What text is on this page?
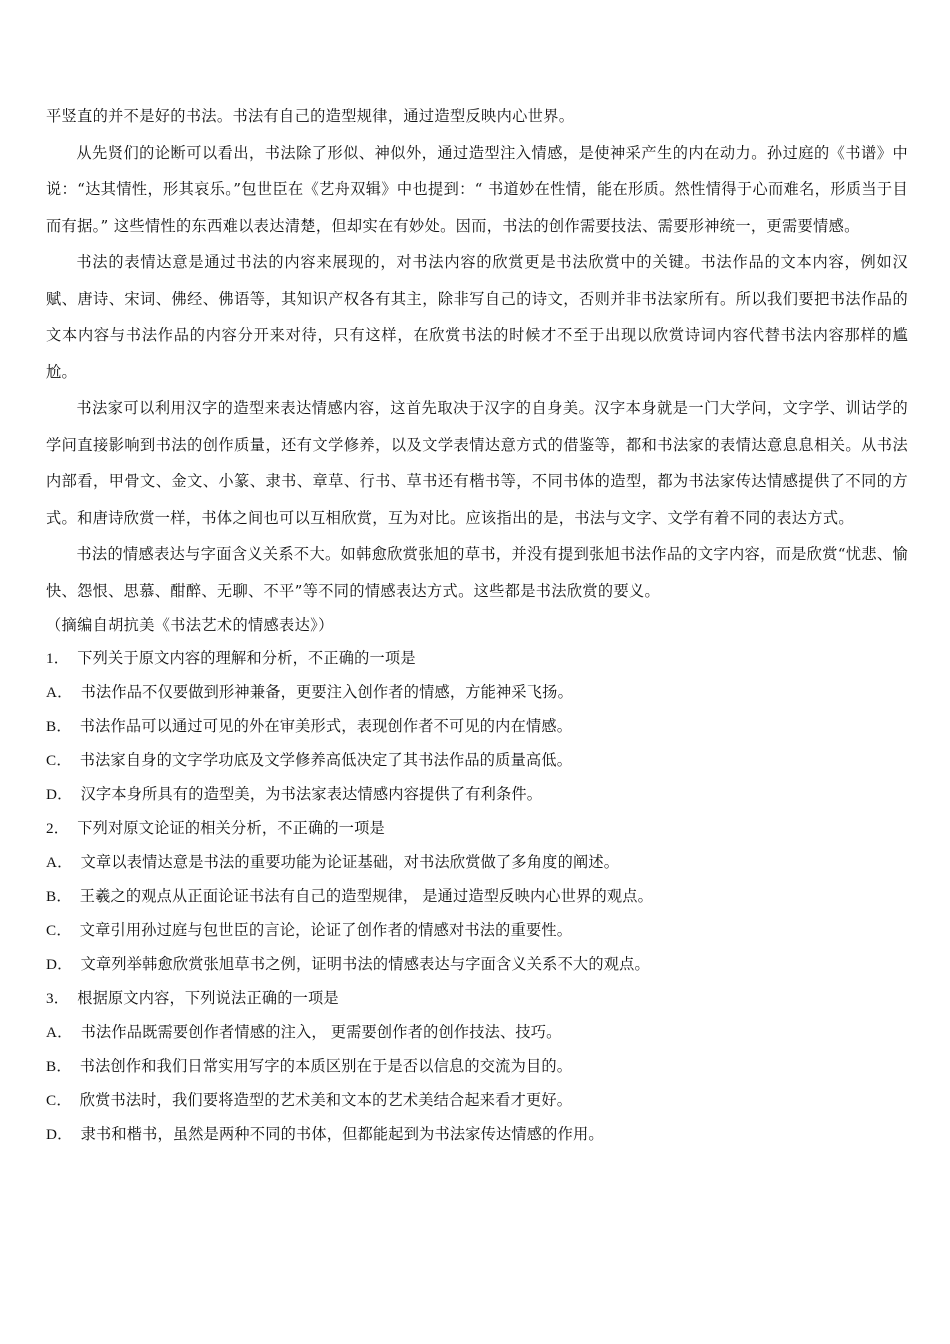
平竖直的并不是好的书法。书法有自己的造型规律，通过造型反映内心世界。

从先贤们的论断可以看出，书法除了形似、神似外，通过造型注入情感，是使神采产生的内在动力。孙过庭的《书谱》中说：“达其情性，形其哀乐。”包世臣在《艺舟双辑》中也提到：“ 书道妙在性情，能在形质。然性情得于心而难名，形质当于目而有据。” 这些情性的东西难以表达清楚，但却实在有妙处。因而，书法的创作需要技法、需要形神统一，更需要情感。

书法的表情达意是通过书法的内容来展现的，对书法内容的欣赏更是书法欣赏中的关键。书法作品的文本内容，例如汉赋、唐诗、宋词、佛经、佛语等，其知识产权各有其主，除非写自己的诗文，否则并非书法家所有。所以我们要把书法作品的文本内容与书法作品的内容分开来对待，只有这样，在欣赏书法的时候才不至于出现以欣赏诗词内容代替书法内容那样的尴尬。

书法家可以利用汉字的造型来表达情感内容，这首先取决于汉字的自身美。汉字本身就是一门大学问，文字学、训诂学的学问直接影响到书法的创作质量，还有文学修养，以及文学表情达意方式的借鉴等，都和书法家的表情达意息息相关。从书法内部看，甲骨文、金文、小篆、隶书、章草、行书、草书还有楷书等，不同书体的造型，都为书法家传达情感提供了不同的方式。和唐诗欣赏一样，书体之间也可以互相欣赏，互为对比。应该指出的是，书法与文字、文学有着不同的表达方式。

书法的情感表达与字面含义关系不大。如韩愈欣赏张旭的草书，并没有提到张旭书法作品的文字内容，而是欣赏“忧悲、愉快、怨恨、思慕、酣醉、无聊、不平”等不同的情感表达方式。这些都是书法欣赏的要义。

（摘编自胡抗美《书法艺术的情感表达》）

1． 下列关于原文内容的理解和分析，不正确的一项是

A． 书法作品不仅要做到形神兼备，更要注入创作者的情感，方能神采飞扬。

B． 书法作品可以通过可见的外在审美形式，表现创作者不可见的内在情感。

C． 书法家自身的文字学功底及文学修养高低决定了其书法作品的质量高低。

D． 汉字本身所具有的造型美，为书法家表达情感内容提供了有利条件。

2． 下列对原文论证的相关分析，不正确的一项是

A． 文章以表情达意是书法的重要功能为论证基础，对书法欣赏做了多角度的阐述。

B． 王羲之的观点从正面论证书法有自己的造型规律， 是通过造型反映内心世界的观点。

C． 文章引用孙过庭与包世臣的言论，论证了创作者的情感对书法的重要性。

D． 文章列举韩愈欣赏张旭草书之例，证明书法的情感表达与字面含义关系不大的观点。

3． 根据原文内容，下列说法正确的一项是

A． 书法作品既需要创作者情感的注入， 更需要创作者的创作技法、技巧。

B． 书法创作和我们日常实用写字的本质区别在于是否以信息的交流为目的。

C． 欣赏书法时，我们要将造型的艺术美和文本的艺术美结合起来看才更好。

D． 隶书和楷书，虽然是两种不同的书体，但都能起到为书法家传达情感的作用。
